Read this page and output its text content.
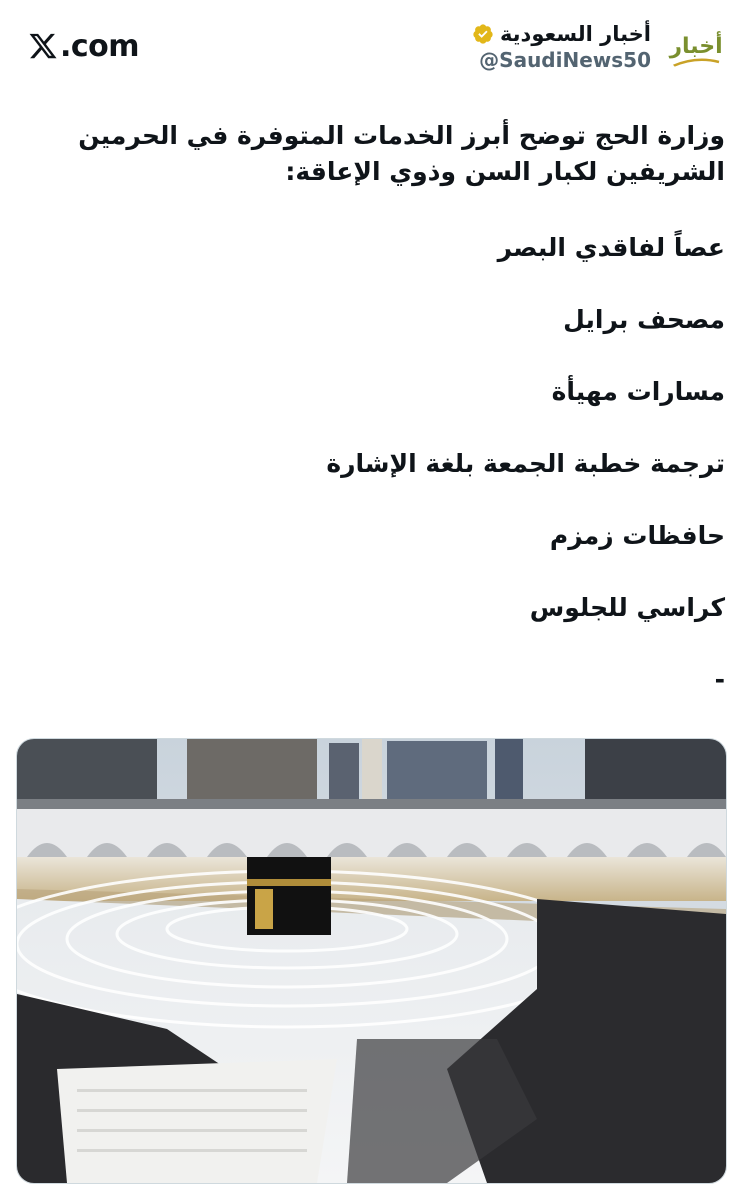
.com	أخبار السعودية
@SaudiNews50
أخبار

وزارة الحج توضح أبرز الخدمات المتوفرة في الحرمين الشريفين لكبار السن وذوي الإعاقة:

عصاً لفاقدي البصر

مصحف برايل

مسارات مهيأة

ترجمة خطبة الجمعة بلغة الإشارة

حافظات زمزم

كراسي للجلوس

-
